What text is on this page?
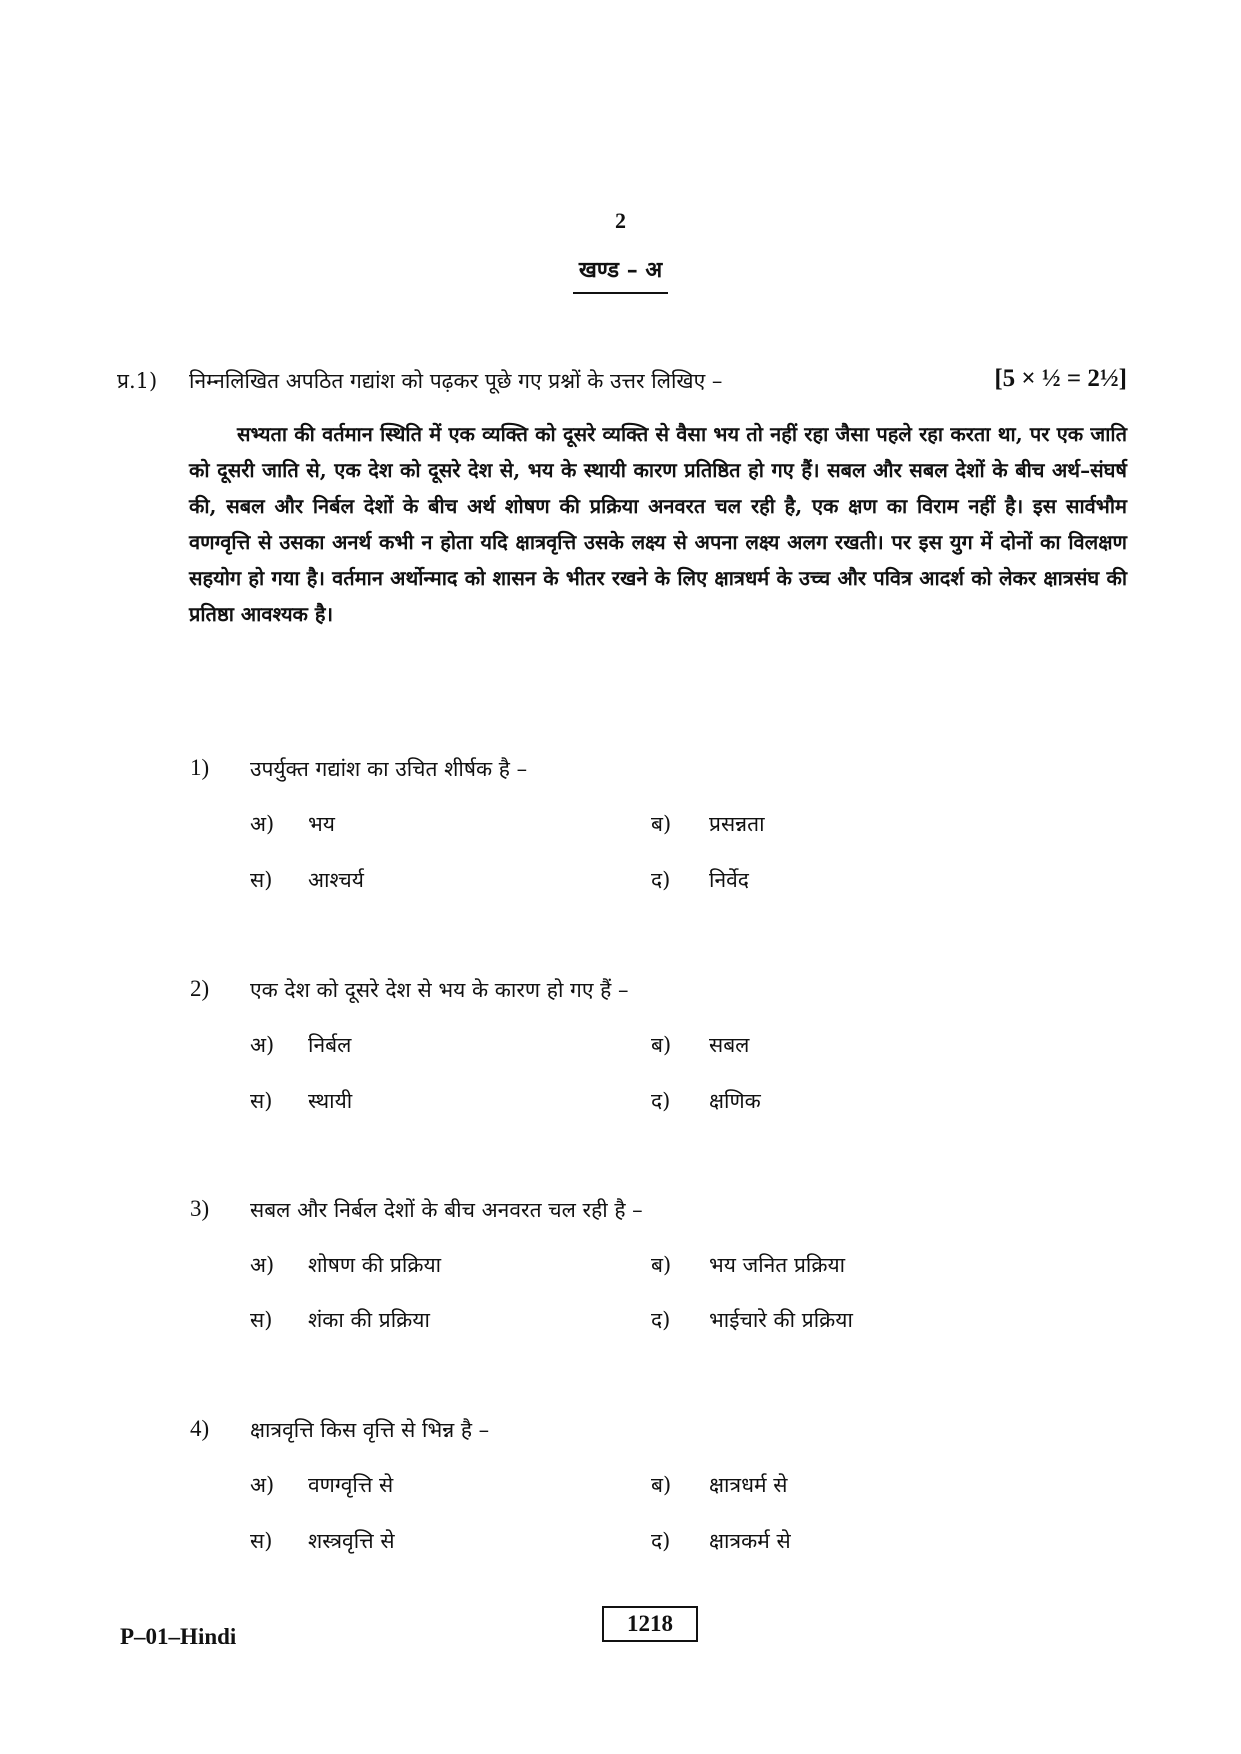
2
खण्ड – अ
प्र.1) निम्नलिखित अपठित गद्यांश को पढ़कर पूछे गए प्रश्नों के उत्तर लिखिए –	[5 × ½ = 2½]

सभ्यता की वर्तमान स्थिति में एक व्यक्ति को दूसरे व्यक्ति से वैसा भय तो नहीं रहा जैसा पहले रहा करता था, पर एक जाति को दूसरी जाति से, एक देश को दूसरे देश से, भय के स्थायी कारण प्रतिष्ठित हो गए हैं। सबल और सबल देशों के बीच अर्थ–संघर्ष की, सबल और निर्बल देशों के बीच अर्थ शोषण की प्रक्रिया अनवरत चल रही है, एक क्षण का विराम नहीं है। इस सार्वभौम वणग्वृत्ति से उसका अनर्थ कभी न होता यदि क्षात्रवृत्ति उसके लक्ष्य से अपना लक्ष्य अलग रखती। पर इस युग में दोनों का विलक्षण सहयोग हो गया है। वर्तमान अर्थोन्माद को शासन के भीतर रखने के लिए क्षात्रधर्म के उच्च और पवित्र आदर्श को लेकर क्षात्रसंघ की प्रतिष्ठा आवश्यक है।

1) उपर्युक्त गद्यांश का उचित शीर्षक है –
अ) भय	ब) प्रसन्नता
स) आश्चर्य	द) निर्वेद
2) एक देश को दूसरे देश से भय के कारण हो गए हैं –
अ) निर्बल	ब) सबल
स) स्थायी	द) क्षणिक
3) सबल और निर्बल देशों के बीच अनवरत चल रही है –
अ) शोषण की प्रक्रिया	ब) भय जनित प्रक्रिया
स) शंका की प्रक्रिया	द) भाईचारे की प्रक्रिया
4) क्षात्रवृत्ति किस वृत्ति से भिन्न है –
अ) वणग्वृत्ति से	ब) क्षात्रधर्म से
स) शस्त्रवृत्ति से	द) क्षात्रकर्म से
P–01–Hindi
1218
